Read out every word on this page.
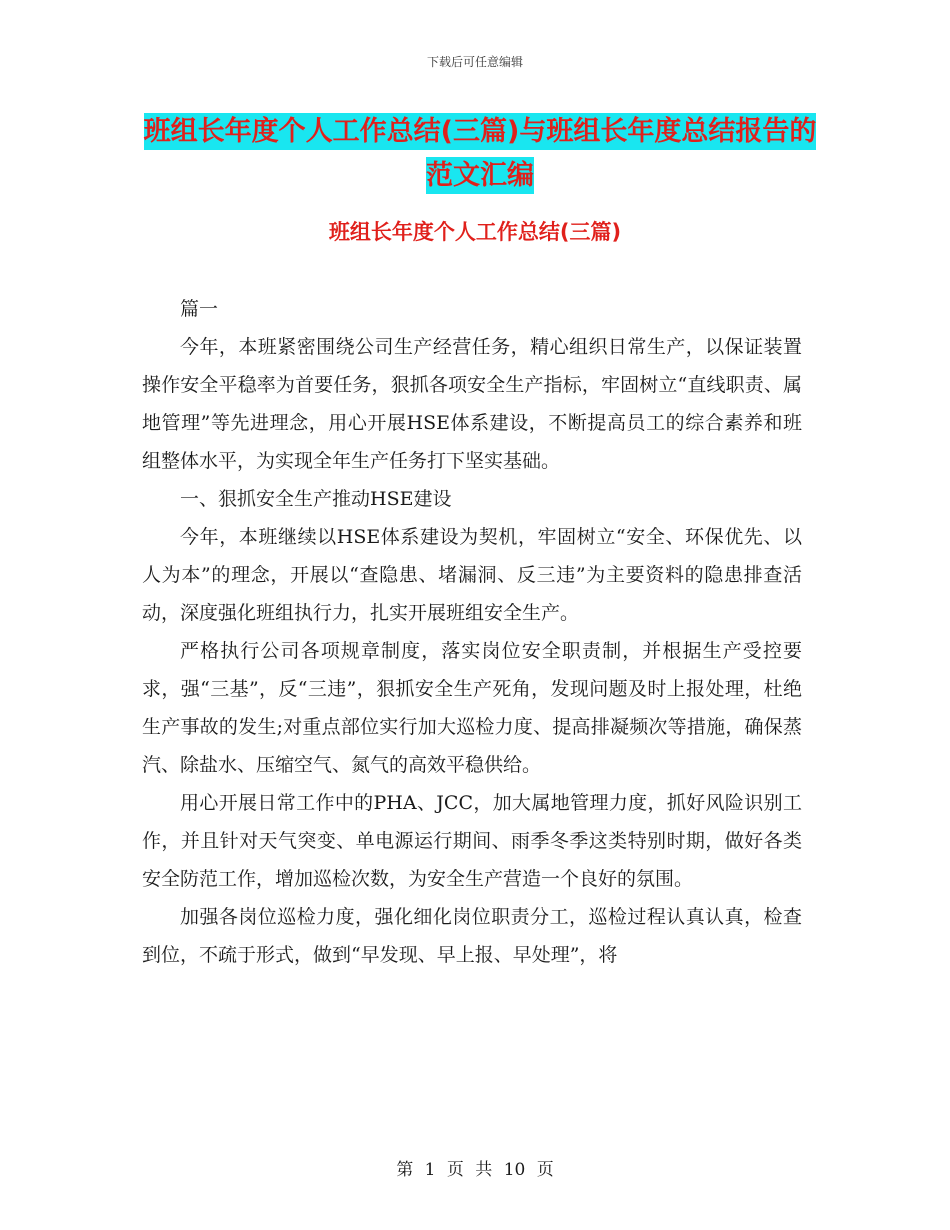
下载后可任意编辑
班组长年度个人工作总结(三篇)与班组长年度总结报告的范文汇编
班组长年度个人工作总结(三篇)

篇一

今年，本班紧密围绕公司生产经营任务，精心组织日常生产，以保证装置操作安全平稳率为首要任务，狠抓各项安全生产指标，牢固树立“直线职责、属地管理”等先进理念，用心开展HSE体系建设，不断提高员工的综合素养和班组整体水平，为实现全年生产任务打下坚实基础。

一、狠抓安全生产推动HSE建设

今年，本班继续以HSE体系建设为契机，牢固树立“安全、环保优先、以人为本”的理念，开展以“查隐患、堵漏洞、反三违”为主要资料的隐患排查活动，深度强化班组执行力，扎实开展班组安全生产。

严格执行公司各项规章制度，落实岗位安全职责制，并根据生产受控要求，强“三基”，反“三违”，狠抓安全生产死角，发现问题及时上报处理，杜绝生产事故的发生;对重点部位实行加大巡检力度、提高排凝频次等措施，确保蒸汽、除盐水、压缩空气、氮气的高效平稳供给。

用心开展日常工作中的PHA、JCC，加大属地管理力度，抓好风险识别工作，并且针对天气突变、单电源运行期间、雨季冬季这类特别时期，做好各类安全防范工作，增加巡检次数，为安全生产营造一个良好的氛围。

加强各岗位巡检力度，强化细化岗位职责分工，巡检过程认真认真，检查到位，不疏于形式，做到“早发现、早上报、早处理”，将

第 1 页 共 10 页
